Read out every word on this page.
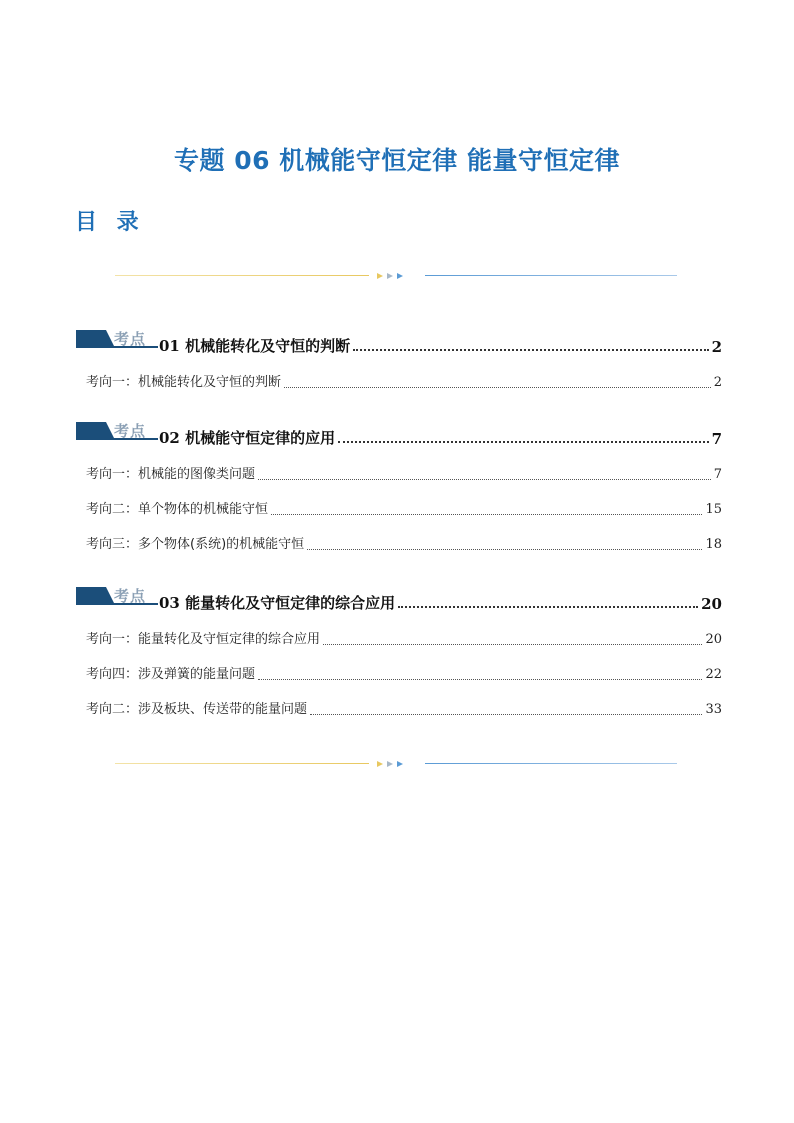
专题 06 机械能守恒定律 能量守恒定律
目 录
考点 01 机械能转化及守恒的判断	2
考向一：机械能转化及守恒的判断	2
考点 02 机械能守恒定律的应用	7
考向一：机械能的图像类问题	7
考向二：单个物体的机械能守恒	15
考向三：多个物体(系统)的机械能守恒	18
考点 03 能量转化及守恒定律的综合应用	20
考向一：能量转化及守恒定律的综合应用	20
考向四：涉及弹簧的能量问题	22
考向二：涉及板块、传送带的能量问题	33
